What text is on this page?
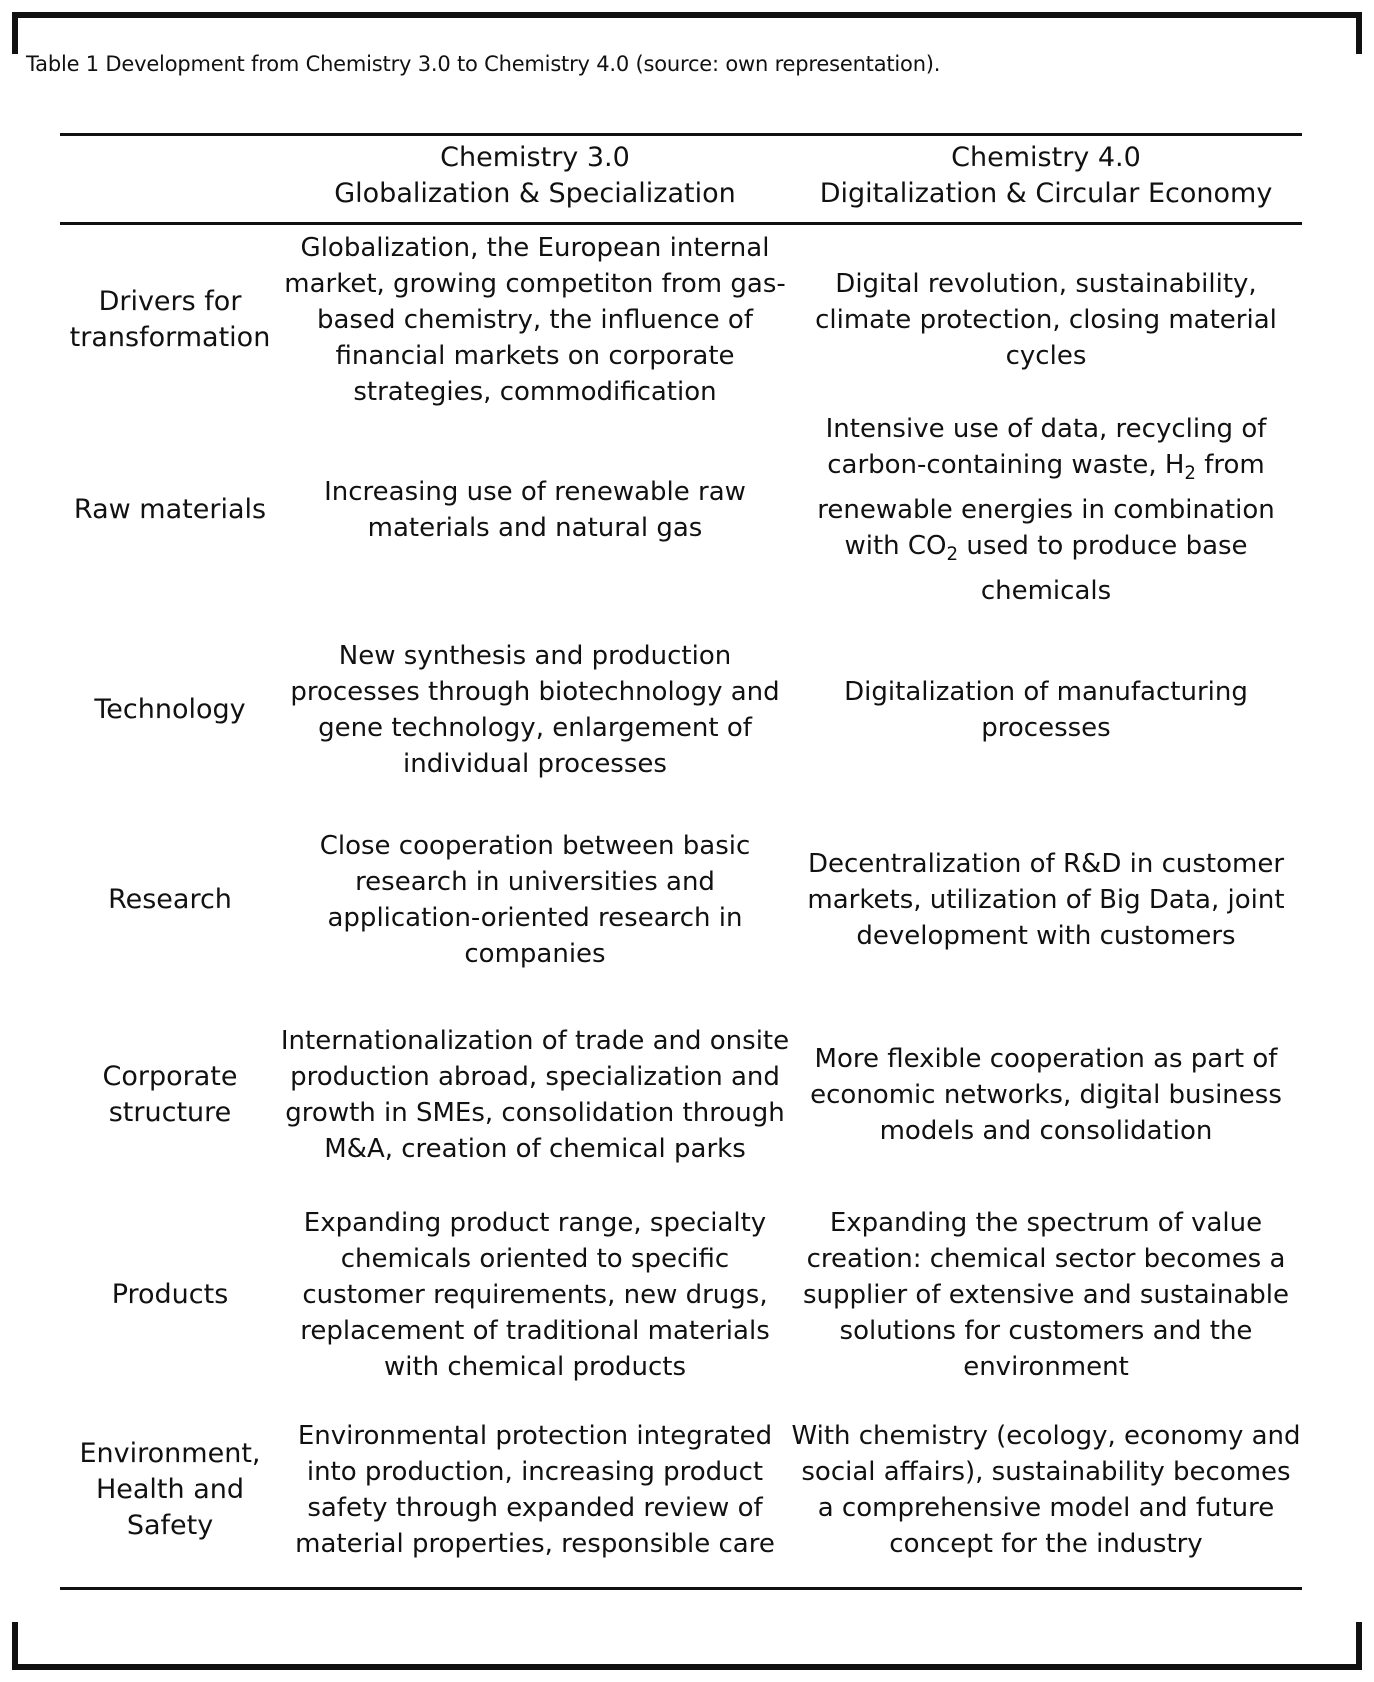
Table 1 Development from Chemistry 3.0 to Chemistry 4.0 (source: own representation).
Chemistry 3.0
Globalization & Specialization
Chemistry 4.0
Digitalization & Circular Economy
Drivers for transformation
Globalization, the European internal market, growing competiton from gas-based chemistry, the influence of financial markets on corporate strategies, commodification
Digital revolution, sustainability, climate protection, closing material cycles
Raw materials
Increasing use of renewable raw materials and natural gas
Intensive use of data, recycling of carbon-containing waste, $H_2$ from renewable energies in combination with $CO_2$ used to produce base chemicals
Technology
New synthesis and production processes through biotechnology and gene technology, enlargement of individual processes
Digitalization of manufacturing processes
Research
Close cooperation between basic research in universities and application-oriented research in companies
Decentralization of R&D in customer markets, utilization of Big Data, joint development with customers
Corporate structure
Internationalization of trade and onsite production abroad, specialization and growth in SMEs, consolidation through M&A, creation of chemical parks
More flexible cooperation as part of economic networks, digital business models and consolidation
Products
Expanding product range, specialty chemicals oriented to specific customer requirements, new drugs, replacement of traditional materials with chemical products
Expanding the spectrum of value creation: chemical sector becomes a supplier of extensive and sustainable solutions for customers and the environment
Environment, Health and Safety
Environmental protection integrated into production, increasing product safety through expanded review of material properties, responsible care
With chemistry (ecology, economy and social affairs), sustainability becomes a comprehensive model and future concept for the industry
